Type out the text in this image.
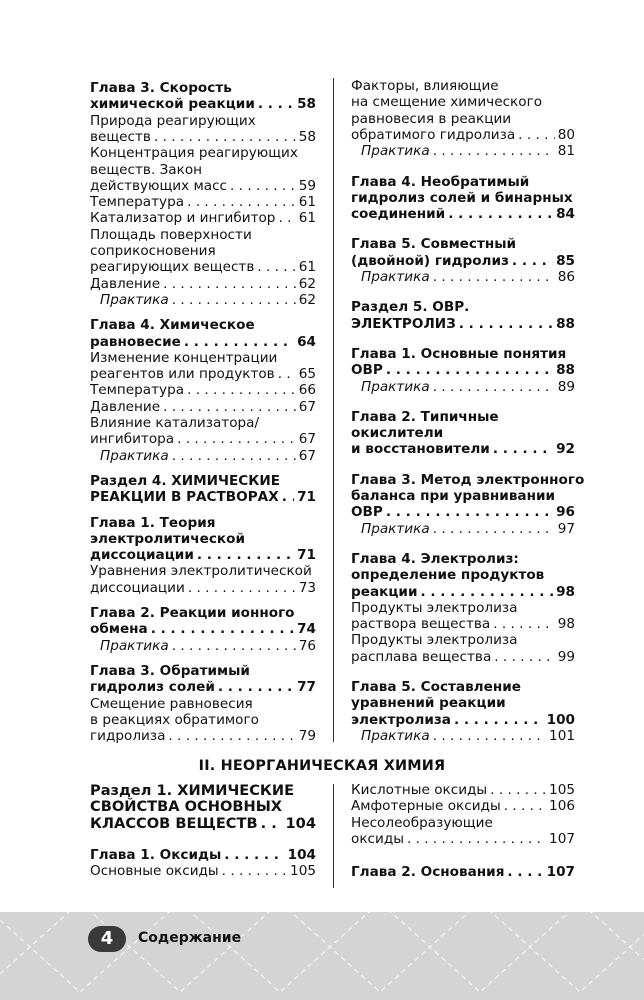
Глава 3. Скорость
химической реакции . . .	58
Природа реагирующих
веществ . . .	58
Концентрация реагирующих
веществ. Закон
действующих масс . . .	59
Температура . . .	61
Катализатор и ингибитор . . . 61
Площадь поверхности
соприкосновения
реагирующих веществ . . .	61
Давление . . .	62
Практика . . .	62
Глава 4. Химическое
равновесие . . .	64
Изменение концентрации
реагентов или продуктов . . . 65
Температура . . .	66
Давление . . .	67
Влияние катализатора/
ингибитора . . .	67
Практика . . .	67
Раздел 4. ХИМИЧЕСКИЕ
РЕАКЦИИ В РАСТВОРАХ . . . 71
Глава 1. Теория
электролитической
диссоциации . . .	71
Уравнения электролитической
диссоциации . . .	73
Глава 2. Реакции ионного
обмена . . .	74
Практика . . .	76
Глава 3. Обратимый
гидролиз солей . . .	77
Смещение равновесия
в реакциях обратимого
гидролиза . . .	79
Факторы, влияющие
на смещение химического
равновесия в реакции
обратимого гидролиза . . .	80
Практика . . .	81
Глава 4. Необратимый
гидролиз солей и бинарных
соединений . . .	84
Глава 5. Совместный
(двойной) гидролиз . . .	85
Практика . . .	86
Раздел 5. ОВР.
ЭЛЕКТРОЛИЗ . . .	88
Глава 1. Основные понятия
ОВР . . .	88
Практика . . .	89
Глава 2. Типичные
окислители
и восстановители . . .	92
Глава 3. Метод электронного
баланса при уравнивании
ОВР . . .	96
Практика . . .	97
Глава 4. Электролиз:
определение продуктов
реакции . . .	98
Продукты электролиза
раствора вещества . . .	98
Продукты электролиза
расплава вещества . . .	99
Глава 5. Составление
уравнений реакции
электролиза . . .	100
Практика . . .	101
II. НЕОРГАНИЧЕСКАЯ ХИМИЯ
Раздел 1. ХИМИЧЕСКИЕ
СВОЙСТВА ОСНОВНЫХ
КЛАССОВ ВЕЩЕСТВ . . . 104
Глава 1. Оксиды . . .	104
Основные оксиды . . .	105
Кислотные оксиды . . .	105
Амфотерные оксиды . . .	106
Несолеобразующие
оксиды . . .	107
Глава 2. Основания . . .	107
4	Содержание
